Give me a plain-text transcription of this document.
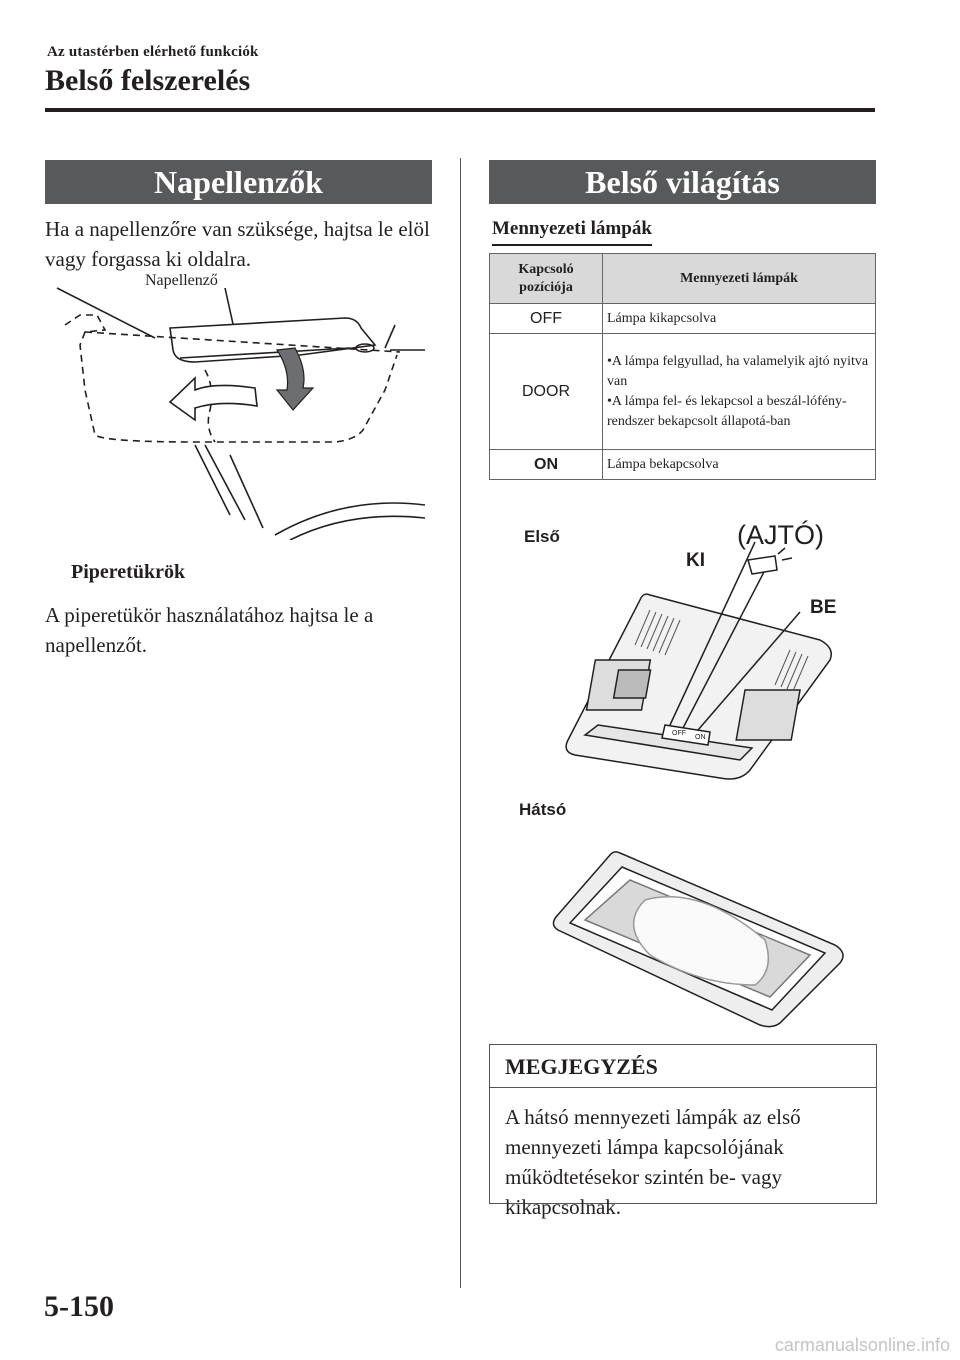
Az utastérben elérhető funkciók
Belső felszerelés
Napellenzők
Ha a napellenzőre van szüksége, hajtsa le elöl vagy forgassa ki oldalra.
Napellenző
Piperetükrök
A piperetükör használatához hajtsa le a napellenzőt.
Belső világítás
Mennyezeti lámpák
Kapcsoló pozíciója	Mennyezeti lámpák
OFF	Lámpa kikapcsolva
DOOR	•A lámpa felgyullad, ha valamelyik ajtó nyitva van
•A lámpa fel- és lekapcsol a beszál-lófény-rendszer bekapcsolt állapotá-ban

ON	Lámpa bekapcsolva
OFF
ON
Első	(AJTÓ)
KI
BE
Hátsó
MEGJEGYZÉS
A hátsó mennyezeti lámpák az első mennyezeti lámpa kapcsolójának működtetésekor szintén be- vagy kikapcsolnak.
5-150
carmanualsonline.info
